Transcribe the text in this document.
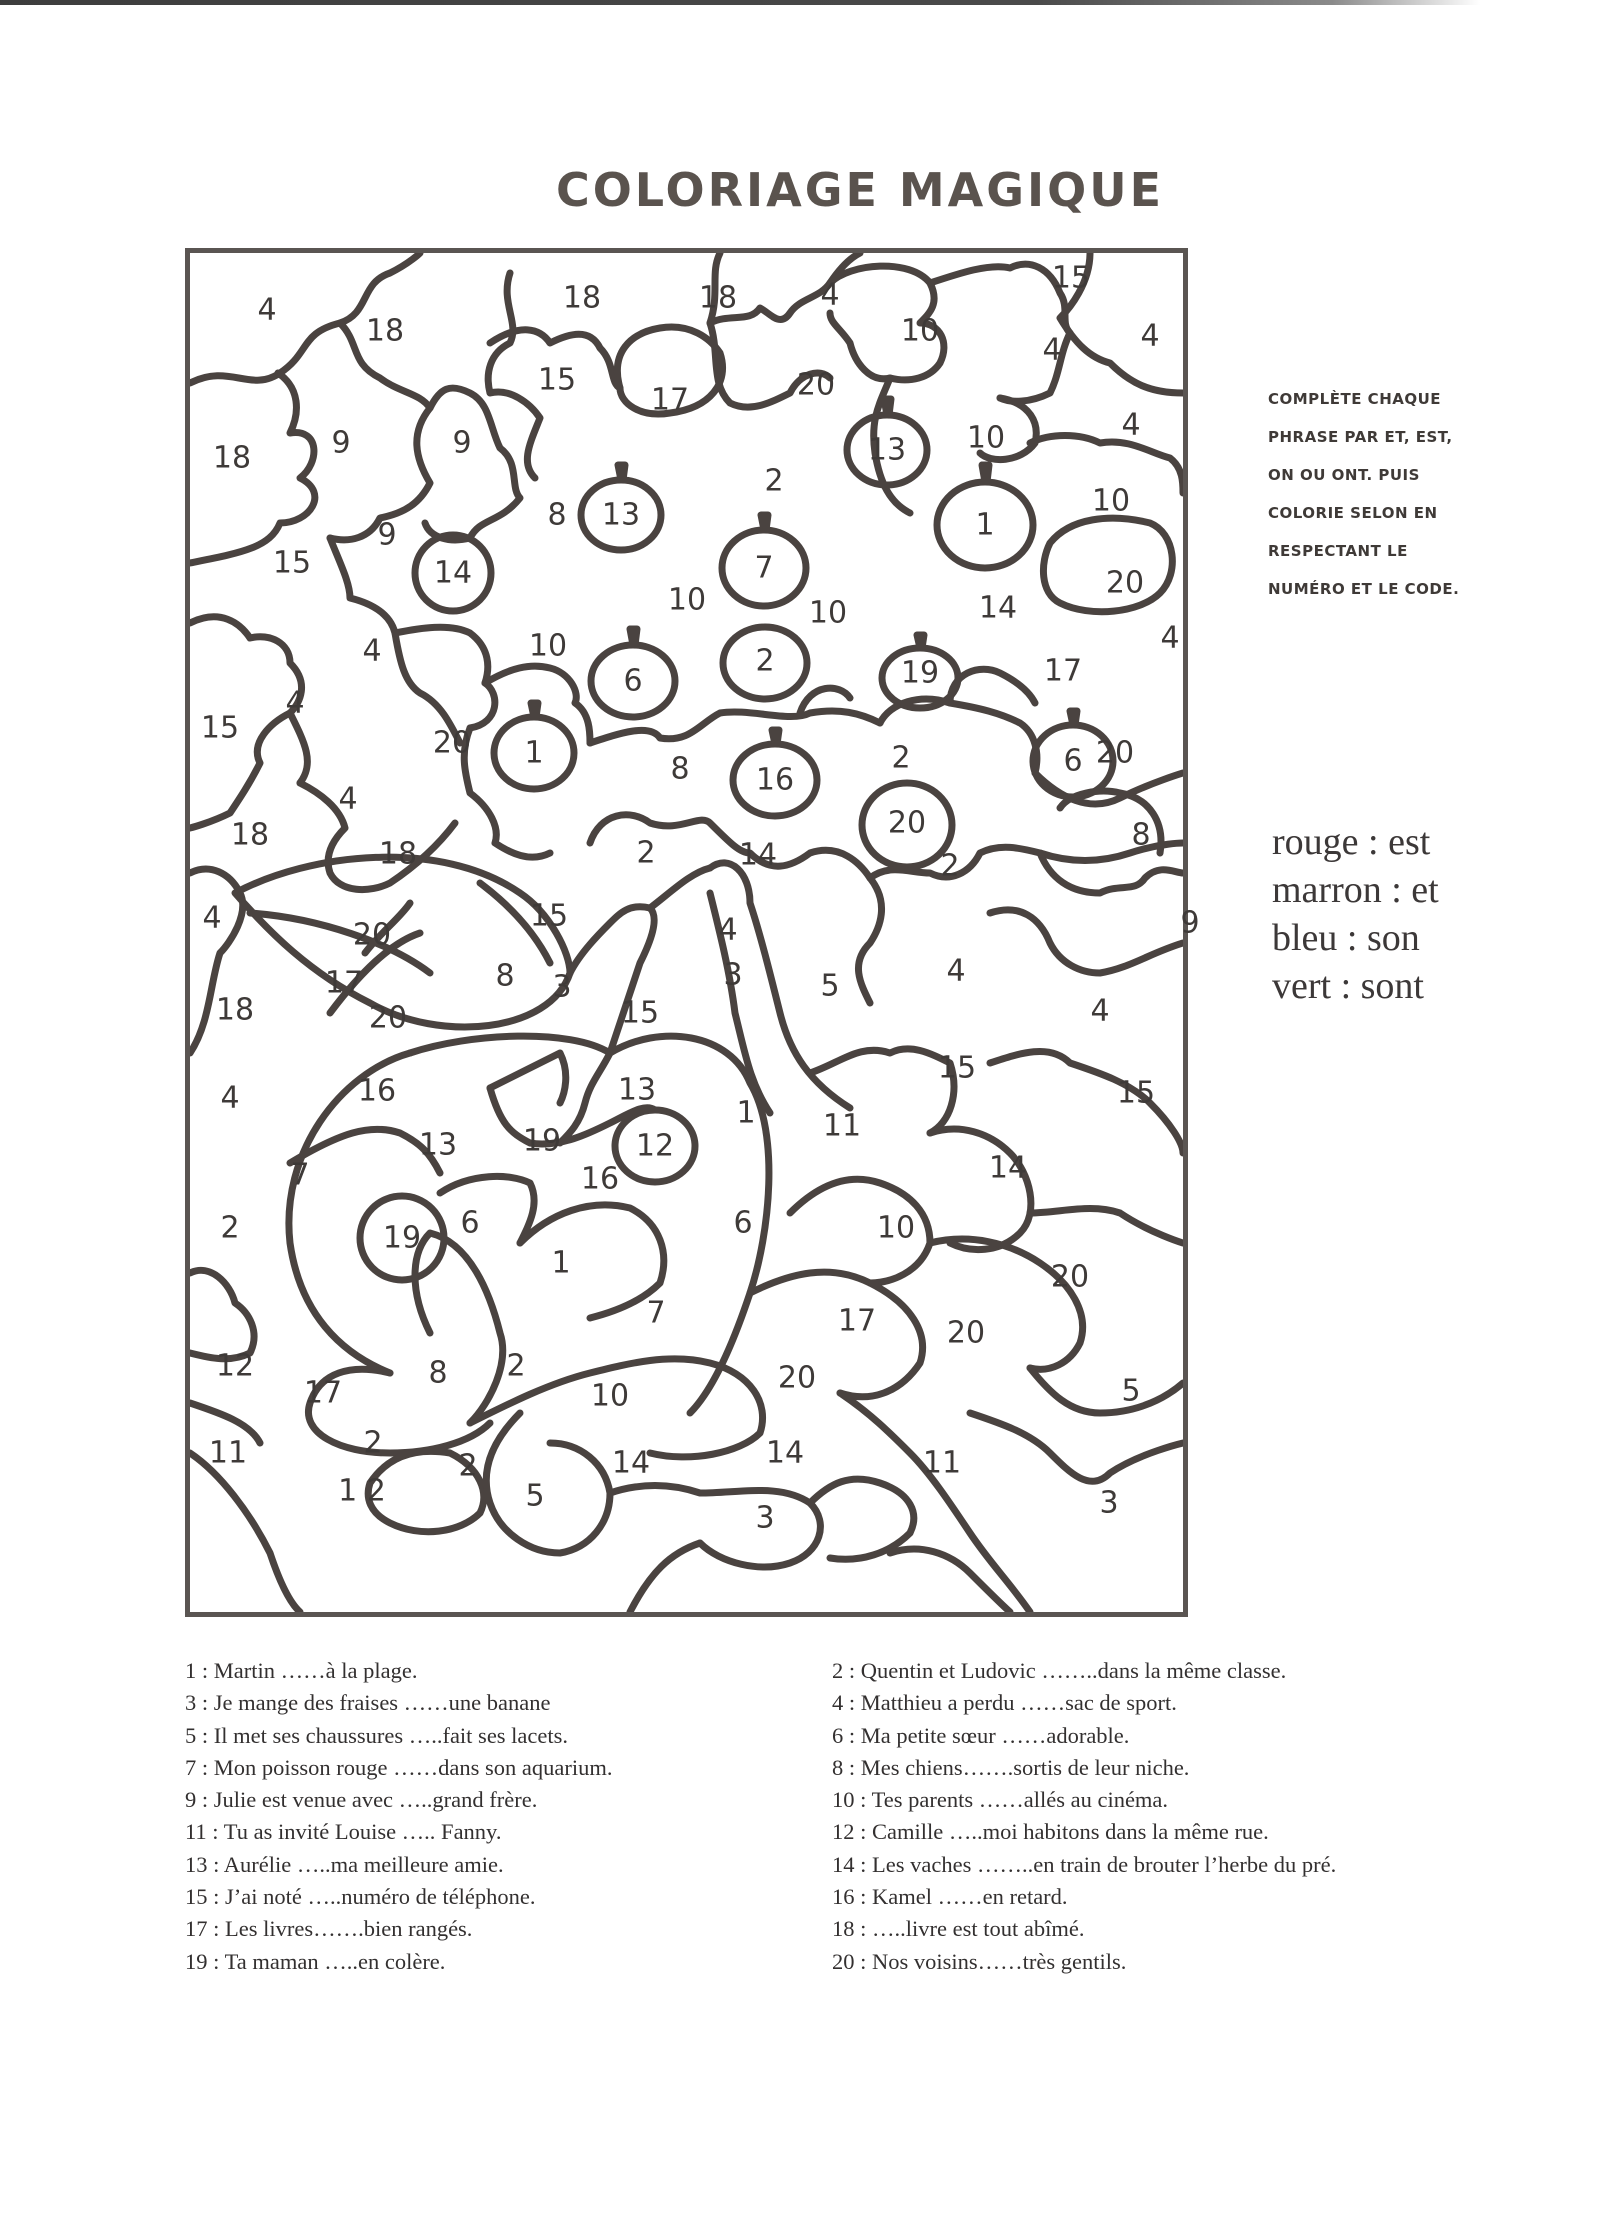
COLORIAGE MAGIQUE
4
18
18	18	4	15
4	4
10
20
15
17
9	9
18	13 10	4
2
8 13	1
10
9
15	14	7	20
10	10	14
4
10
4
6
2	19	17
4
15	20 1	8 16
2	6 20
4
18
18	2	14
20
2
8
15	4	9
4	20
17	8 3	3	5	4
18	20	15	4
15
15
4	16	13
1 11
13 19 12
7	16	14
2	6
19	6	10
1	20
7	17 20
12	8 2	20	5
17	10
11	2
2	14	14	11
3
1 2	5
3
COMPLÈTE CHAQUE
PHRASE PAR ET, EST,
ON OU ONT. PUIS
COLORIE SELON EN
RESPECTANT LE
NUMÉRO ET LE CODE.
rouge : est
marron : et
bleu : son
vert : sont
1 : Martin ……à la plage.
3 : Je mange des fraises ……une banane
5 : Il met ses chaussures …..fait ses lacets.
7 : Mon poisson rouge ……dans son aquarium.
9 : Julie est venue avec …..grand frère.
11 : Tu as invité Louise ….. Fanny.
13 : Aurélie …..ma meilleure amie.
15 : J’ai noté …..numéro de téléphone.
17 : Les livres…….bien rangés.
19 : Ta maman …..en colère.
2 : Quentin et Ludovic ……..dans la même classe.
4 : Matthieu a perdu ……sac de sport.
6 : Ma petite sœur ……adorable.
8 : Mes chiens…….sortis de leur niche.
10 : Tes parents ……allés au cinéma.
12 : Camille …..moi habitons dans la même rue.
14 : Les vaches ……..en train de brouter l’herbe du pré.
16 : Kamel ……en retard.
18 : …..livre est tout abîmé.
20 : Nos voisins……très gentils.
